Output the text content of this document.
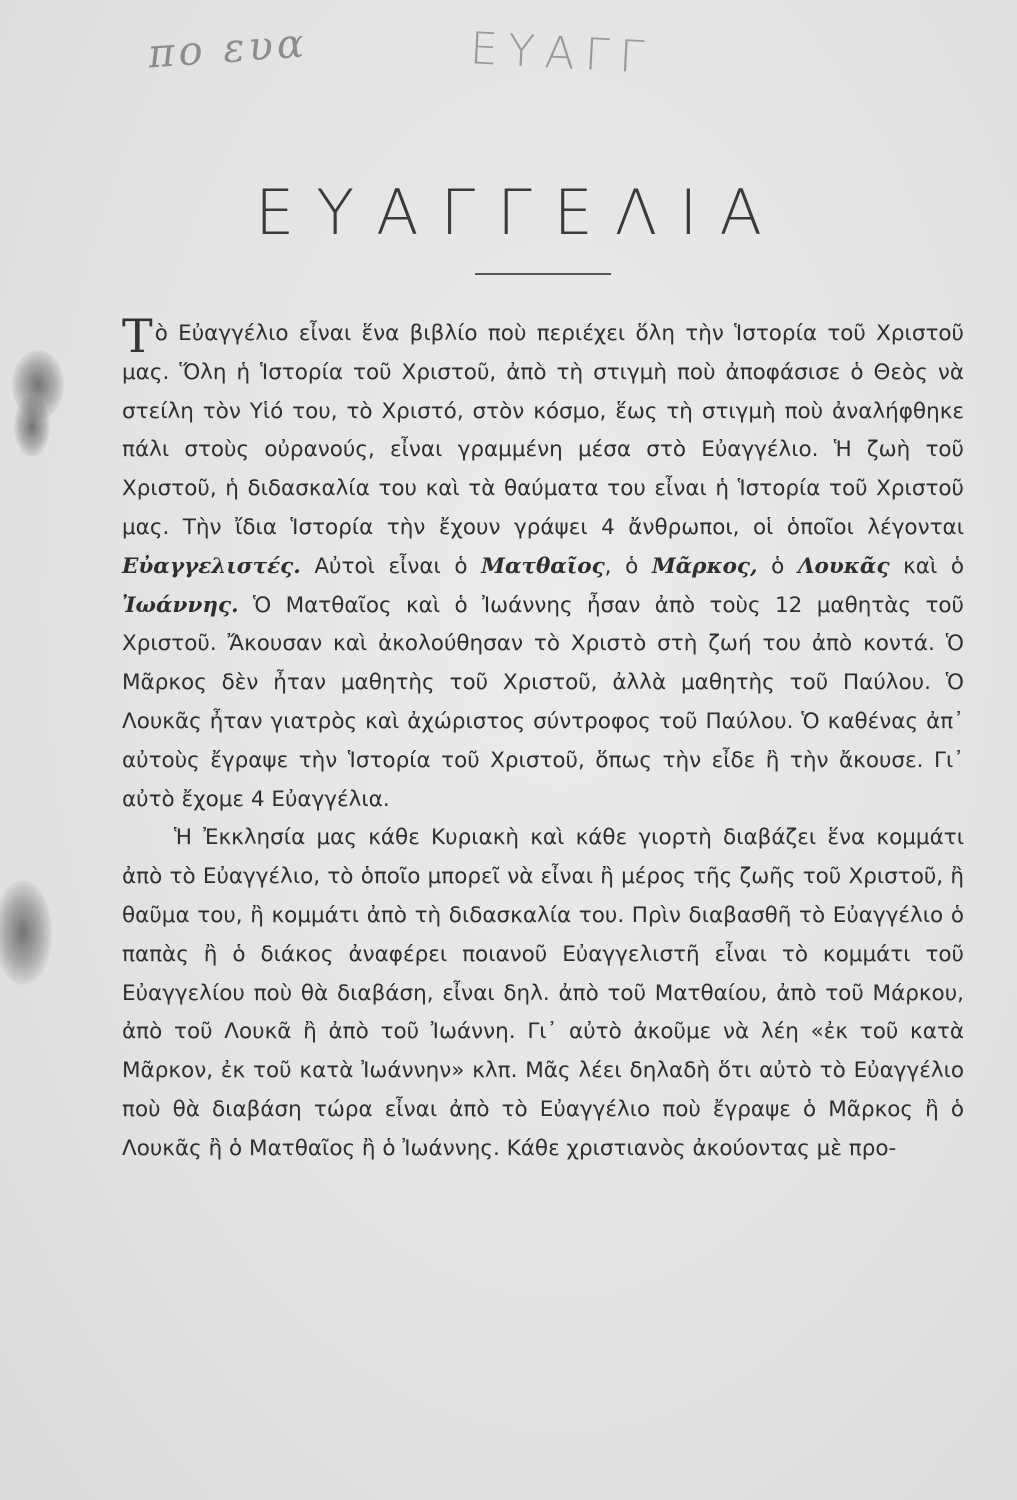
πο ευα	ΕΥΑΓΓ
ΕΥΑΓΓΕΛΙΑ

Τὸ Εὐαγγέλιο εἶναι ἕνα βιβλίο ποὺ περιέχει ὅλη τὴν Ἱστορία τοῦ Χριστοῦ μας. Ὅλη ἡ Ἱστορία τοῦ Χριστοῦ, ἀπὸ τὴ στιγμὴ ποὺ ἀποφάσισε ὁ Θεὸς νὰ στείλη τὸν Υἱό του, τὸ Χριστό, στὸν κόσμο, ἕως τὴ στιγμὴ ποὺ ἀναλήφθηκε πάλι στοὺς οὐρανούς, εἶναι γραμμένη μέσα στὸ Εὐαγγέλιο. Ἡ ζωὴ τοῦ Χριστοῦ, ἡ διδασκαλία του καὶ τὰ θαύματα του εἶναι ἡ Ἱστορία τοῦ Χριστοῦ μας. Τὴν ἴδια Ἱστορία τὴν ἔχουν γράψει 4 ἄνθρωποι, οἱ ὁποῖοι λέγονται Εὐαγγελιστές. Αὐτοὶ εἶναι ὁ Ματθαῖος, ὁ Μᾶρκος, ὁ Λουκᾶς καὶ ὁ Ἰωάννης. Ὁ Ματθαῖος καὶ ὁ Ἰωάννης ἦσαν ἀπὸ τοὺς 12 μαθητὰς τοῦ Χριστοῦ. Ἄκουσαν καὶ ἀκολούθησαν τὸ Χριστὸ στὴ ζωή του ἀπὸ κοντά. Ὁ Μᾶρκος δὲν ἦταν μαθητὴς τοῦ Χριστοῦ, ἀλλὰ μαθητὴς τοῦ Παύλου. Ὁ Λουκᾶς ἦταν γιατρὸς καὶ ἀχώριστος σύντροφος τοῦ Παύλου. Ὁ καθένας ἀπ᾽ αὐτοὺς ἔγραψε τὴν Ἱστορία τοῦ Χριστοῦ, ὅπως τὴν εἶδε ἢ τὴν ἄκουσε. Γι᾽ αὐτὸ ἔχομε 4 Εὐαγγέλια.

Ἡ Ἐκκλησία μας κάθε Κυριακὴ καὶ κάθε γιορτὴ διαβάζει ἕνα κομμάτι ἀπὸ τὸ Εὐαγγέλιο, τὸ ὁποῖο μπορεῖ νὰ εἶναι ἢ μέρος τῆς ζωῆς τοῦ Χριστοῦ, ἢ θαῦμα του, ἢ κομμάτι ἀπὸ τὴ διδασκαλία του. Πρὶν διαβασθῆ τὸ Εὐαγγέλιο ὁ παπὰς ἢ ὁ διάκος ἀναφέρει ποιανοῦ Εὐαγγελιστῆ εἶναι τὸ κομμάτι τοῦ Εὐαγγελίου ποὺ θὰ διαβάση, εἶναι δηλ. ἀπὸ τοῦ Ματθαίου, ἀπὸ τοῦ Μάρκου, ἀπὸ τοῦ Λουκᾶ ἢ ἀπὸ τοῦ Ἰωάννη. Γι᾽ αὐτὸ ἀκοῦμε νὰ λέη «ἐκ τοῦ κατὰ Μᾶρκον, ἐκ τοῦ κατὰ Ἰωάννην» κλπ. Μᾶς λέει δηλαδὴ ὅτι αὐτὸ τὸ Εὐαγγέλιο ποὺ θὰ διαβάση τώρα εἶναι ἀπὸ τὸ Εὐαγγέλιο ποὺ ἔγραψε ὁ Μᾶρκος ἢ ὁ Λουκᾶς ἢ ὁ Ματθαῖος ἢ ὁ Ἰωάννης. Κάθε χριστιανὸς ἀκούοντας μὲ προ-
